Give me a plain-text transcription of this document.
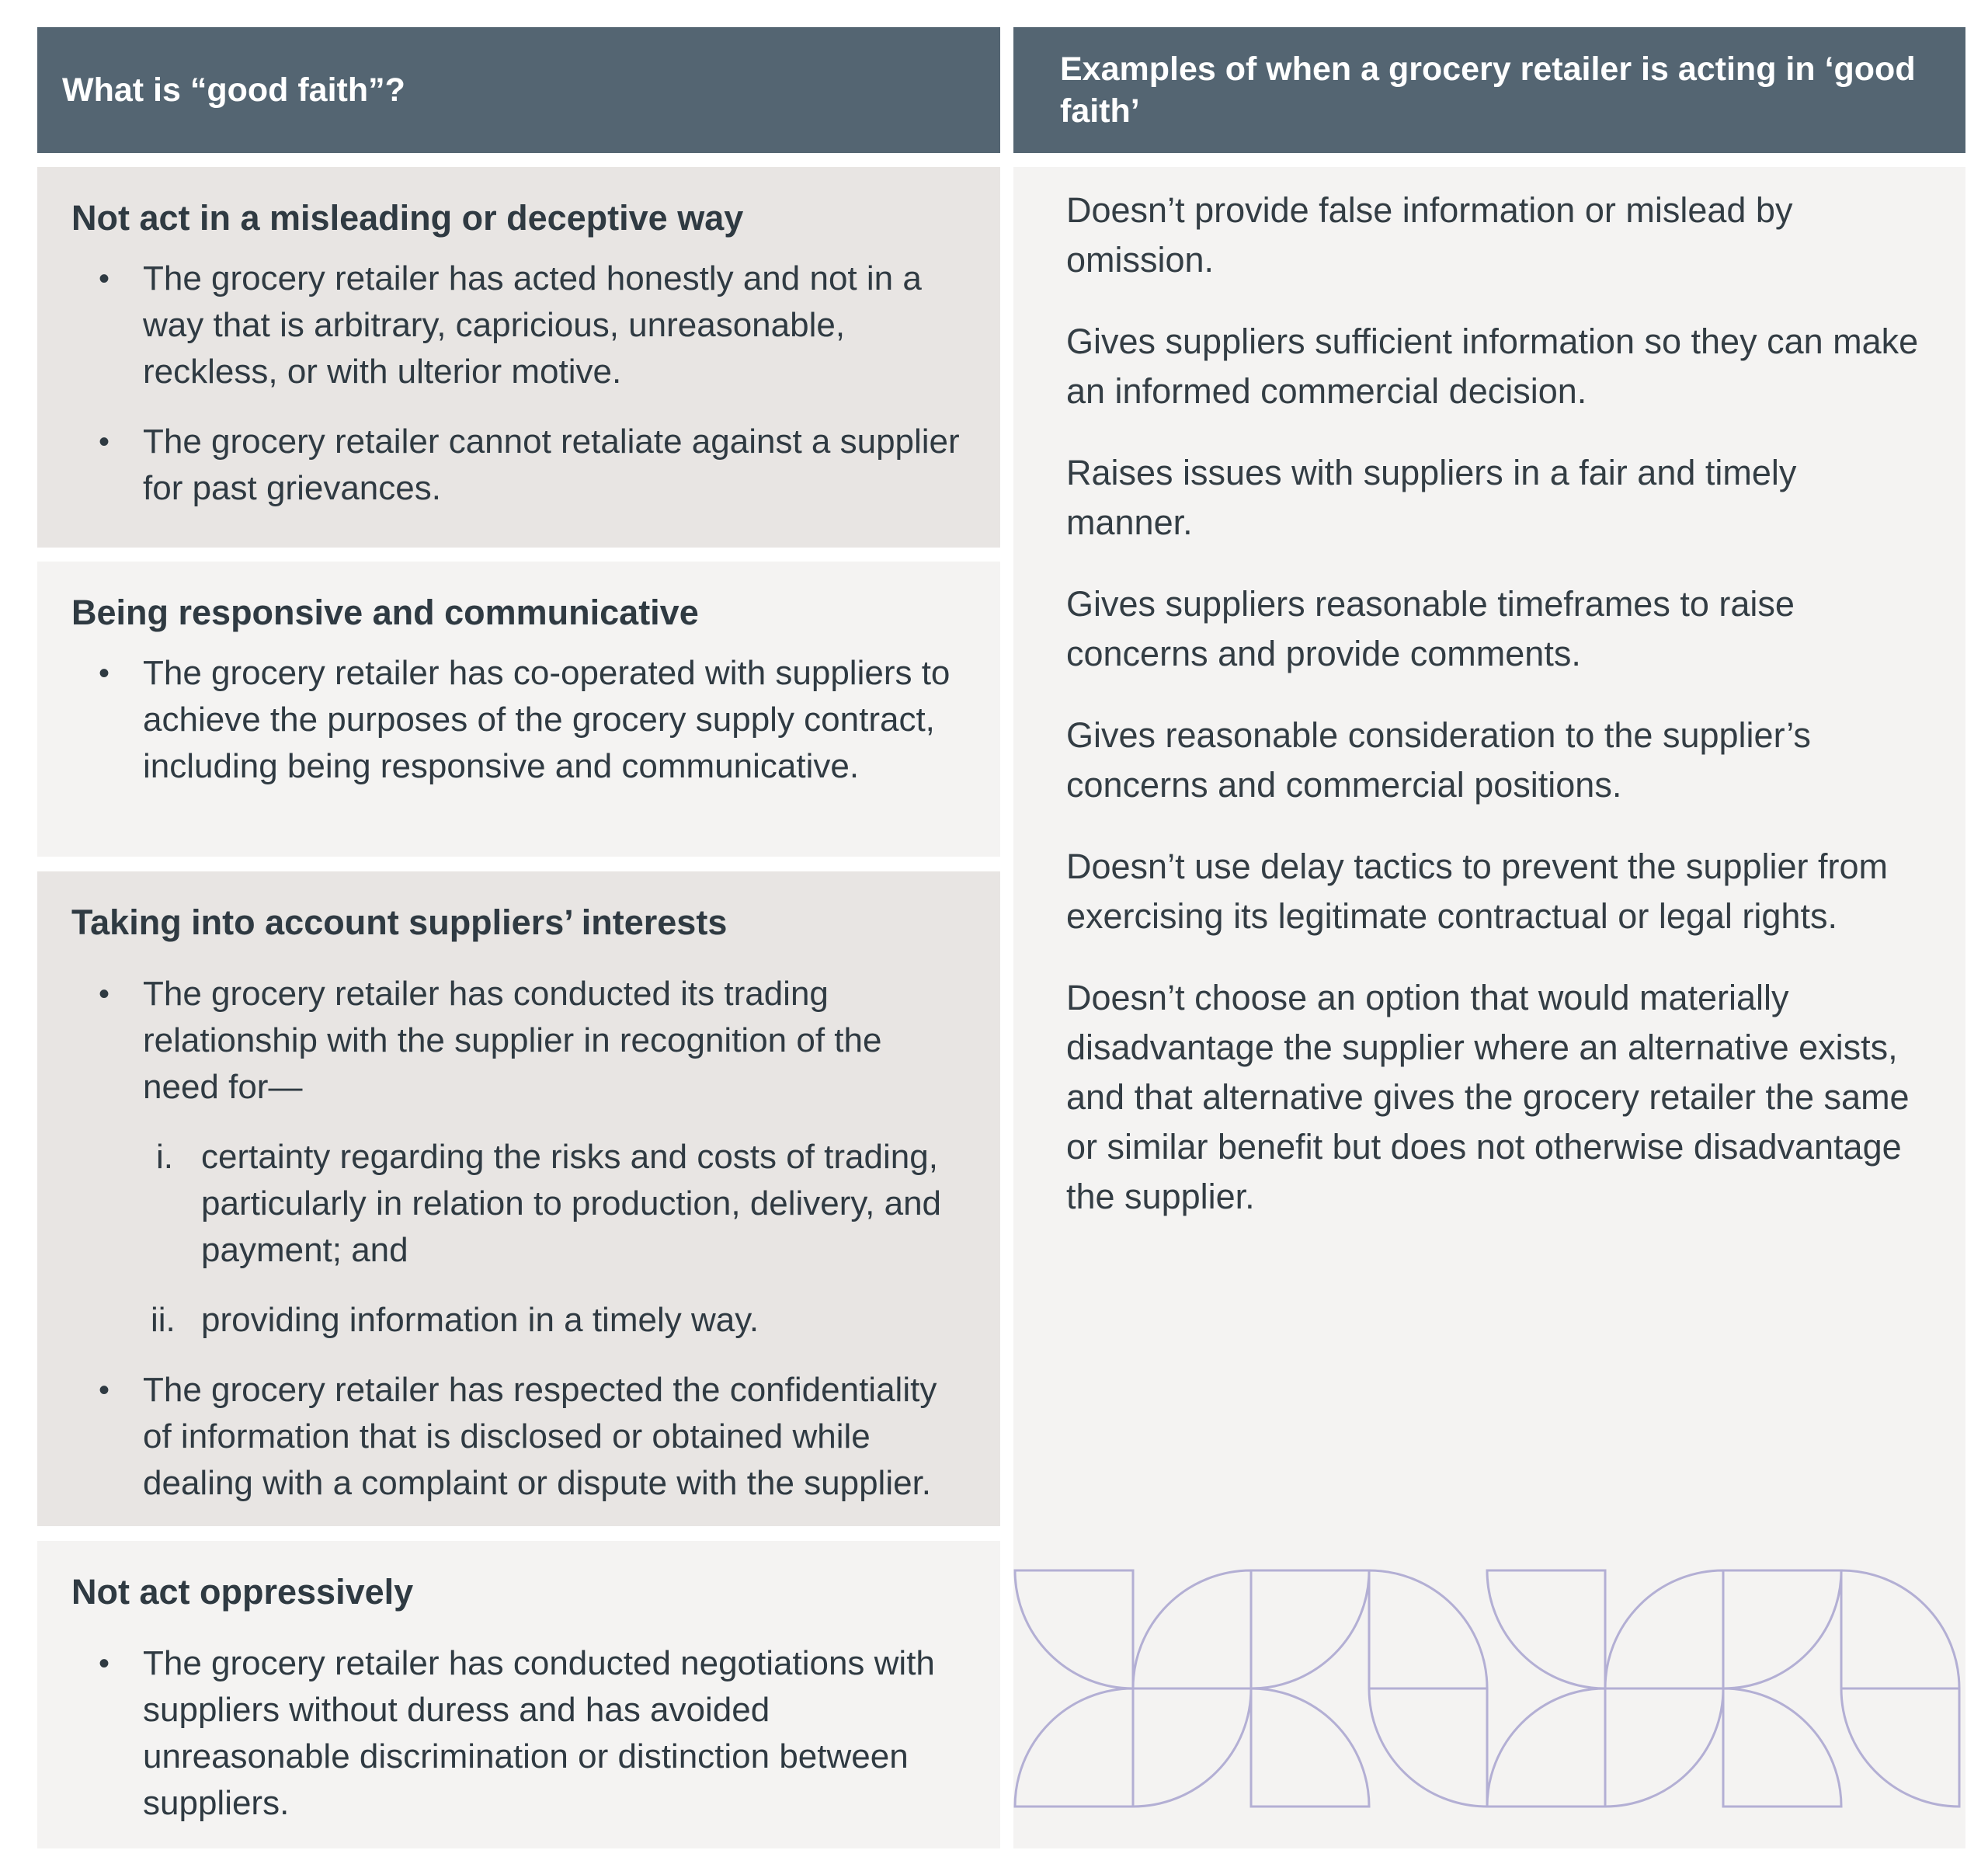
What is “good faith”?
Examples of when a grocery retailer is acting in ‘good faith’
Not act in a misleading or deceptive way
• The grocery retailer has acted honestly and not in a way that is arbitrary, capricious, unreasonable, reckless, or with ulterior motive.
• The grocery retailer cannot retaliate against a supplier for past grievances.
Being responsive and communicative
• The grocery retailer has co-operated with suppliers to achieve the purposes of the grocery supply contract, including being responsive and communicative.
Taking into account suppliers’ interests
• The grocery retailer has conducted its trading relationship with the supplier in recognition of the need for—
i. certainty regarding the risks and costs of trading, particularly in relation to production, delivery, and payment; and
ii. providing information in a timely way.
• The grocery retailer has respected the confidentiality of information that is disclosed or obtained while dealing with a complaint or dispute with the supplier.
Not act oppressively
• The grocery retailer has conducted negotiations with suppliers without duress and has avoided unreasonable discrimination or distinction between suppliers.

Doesn’t provide false information or mislead by omission.

Gives suppliers sufficient information so they can make an informed commercial decision.

Raises issues with suppliers in a fair and timely manner.

Gives suppliers reasonable timeframes to raise concerns and provide comments.

Gives reasonable consideration to the supplier’s concerns and commercial positions.

Doesn’t use delay tactics to prevent the supplier from exercising its legitimate contractual or legal rights.

Doesn’t choose an option that would materially disadvantage the supplier where an alternative exists, and that alternative gives the grocery retailer the same or similar benefit but does not otherwise disadvantage the supplier.
